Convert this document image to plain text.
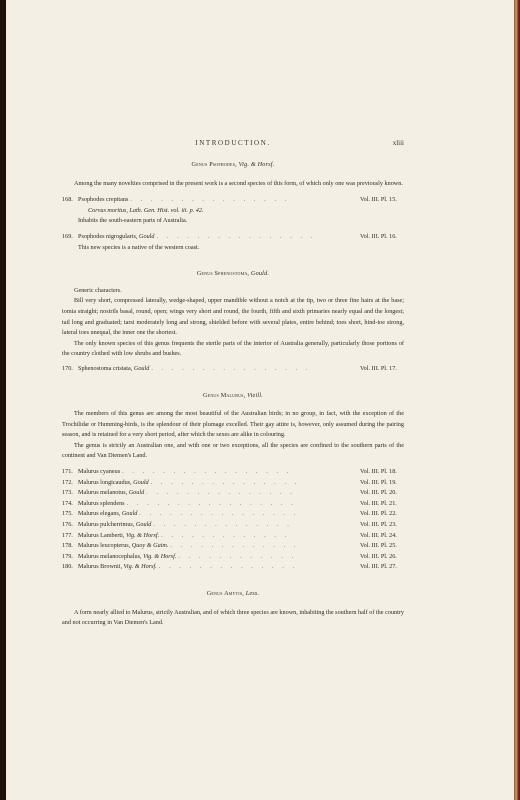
INTRODUCTION.	xliii
Genus Psophodes, Vig. & Horsf.

Among the many novelties comprised in the present work is a second species of this form, of which only one was previously known.

168. Psophodes crepitans . . . . . . . . . . . . . . . .	Vol. III. Pl. 15.
Corvus moritus, Lath. Gen. Hist. vol. iii. p. 42.
Inhabits the south-eastern parts of Australia.
169. Psophodes nigrogularis,
Gould . . . . . . . . . . . . . . . .	Vol. III. Pl. 16.
This new species is a native of the western coast.
Genus Sphenostoma, Gould.

Generic characters.

Bill very short, compressed laterally, wedge-shaped, upper mandible without a notch at the tip, two or three fine hairs at the base; tomia straight; nostrils basal, round, open; wings very short and round, the fourth, fifth and sixth primaries nearly equal and the longest; tail long and graduated; tarsi moderately long and strong, shielded before with several plates, entire behind; toes short, hind-toe strong, lateral toes unequal, the inner one the shortest.

The only known species of this genus frequents the sterile parts of the interior of Australia generally, particularly those portions of the country clothed with low shrubs and bushes.

170. Sphenostoma cristata,
Gould . . . . . . . . . . . . . . . .	Vol. III. Pl. 17.
Genus Malurus, Vieill.

The members of this genus are among the most beautiful of the Australian birds; in no group, in fact, with the exception of the Trochilidæ or Humming-birds, is the splendour of their plumage excelled. Their gay attire is, however, only assumed during the pairing season, and is retained for a very short period, after which the sexes are alike in colouring.

The genus is strictly an Australian one, and with one or two exceptions, all the species are confined to the southern parts of the continent and Van Diemen's Land.

171. Malurus cyaneus . . . . . . . . . . . . . . . . .	Vol. III. Pl. 18.
172. Malurus longicaudus,
Gould . . . . . . . . . . . . . . .	Vol. III. Pl. 19.
173. Malurus melanotus,
Gould . . . . . . . . . . . . . . .	Vol. III. Pl. 20.
174. Malurus splendens . . . . . . . . . . . . . . . . .	Vol. III. Pl. 21.
175. Malurus elegans,
Gould . . . . . . . . . . . . . . . .	Vol. III. Pl. 22.
176. Malurus pulcherrimus,
Gould . . . . . . . . . . . . . .	Vol. III. Pl. 23.
177. Malurus Lamberti,
Vig. & Horsf. . . . . . . . . . . . . .	Vol. III. Pl. 24.
178. Malurus leucopterus,
Quoy & Gaim. . . . . . . . . . . . . .	Vol. III. Pl. 25.
179. Malurus melanocephalus,
Vig. & Horsf. . . . . . . . . . . . .	Vol. III. Pl. 26.
180. Malurus Brownii,
Vig. & Horsf. . . . . . . . . . . . . . .	Vol. III. Pl. 27.
Genus Amytis, Less.

A form nearly allied to Malurus, strictly Australian, and of which three species are known, inhabiting the southern half of the country and not occurring in Van Diemen's Land.
